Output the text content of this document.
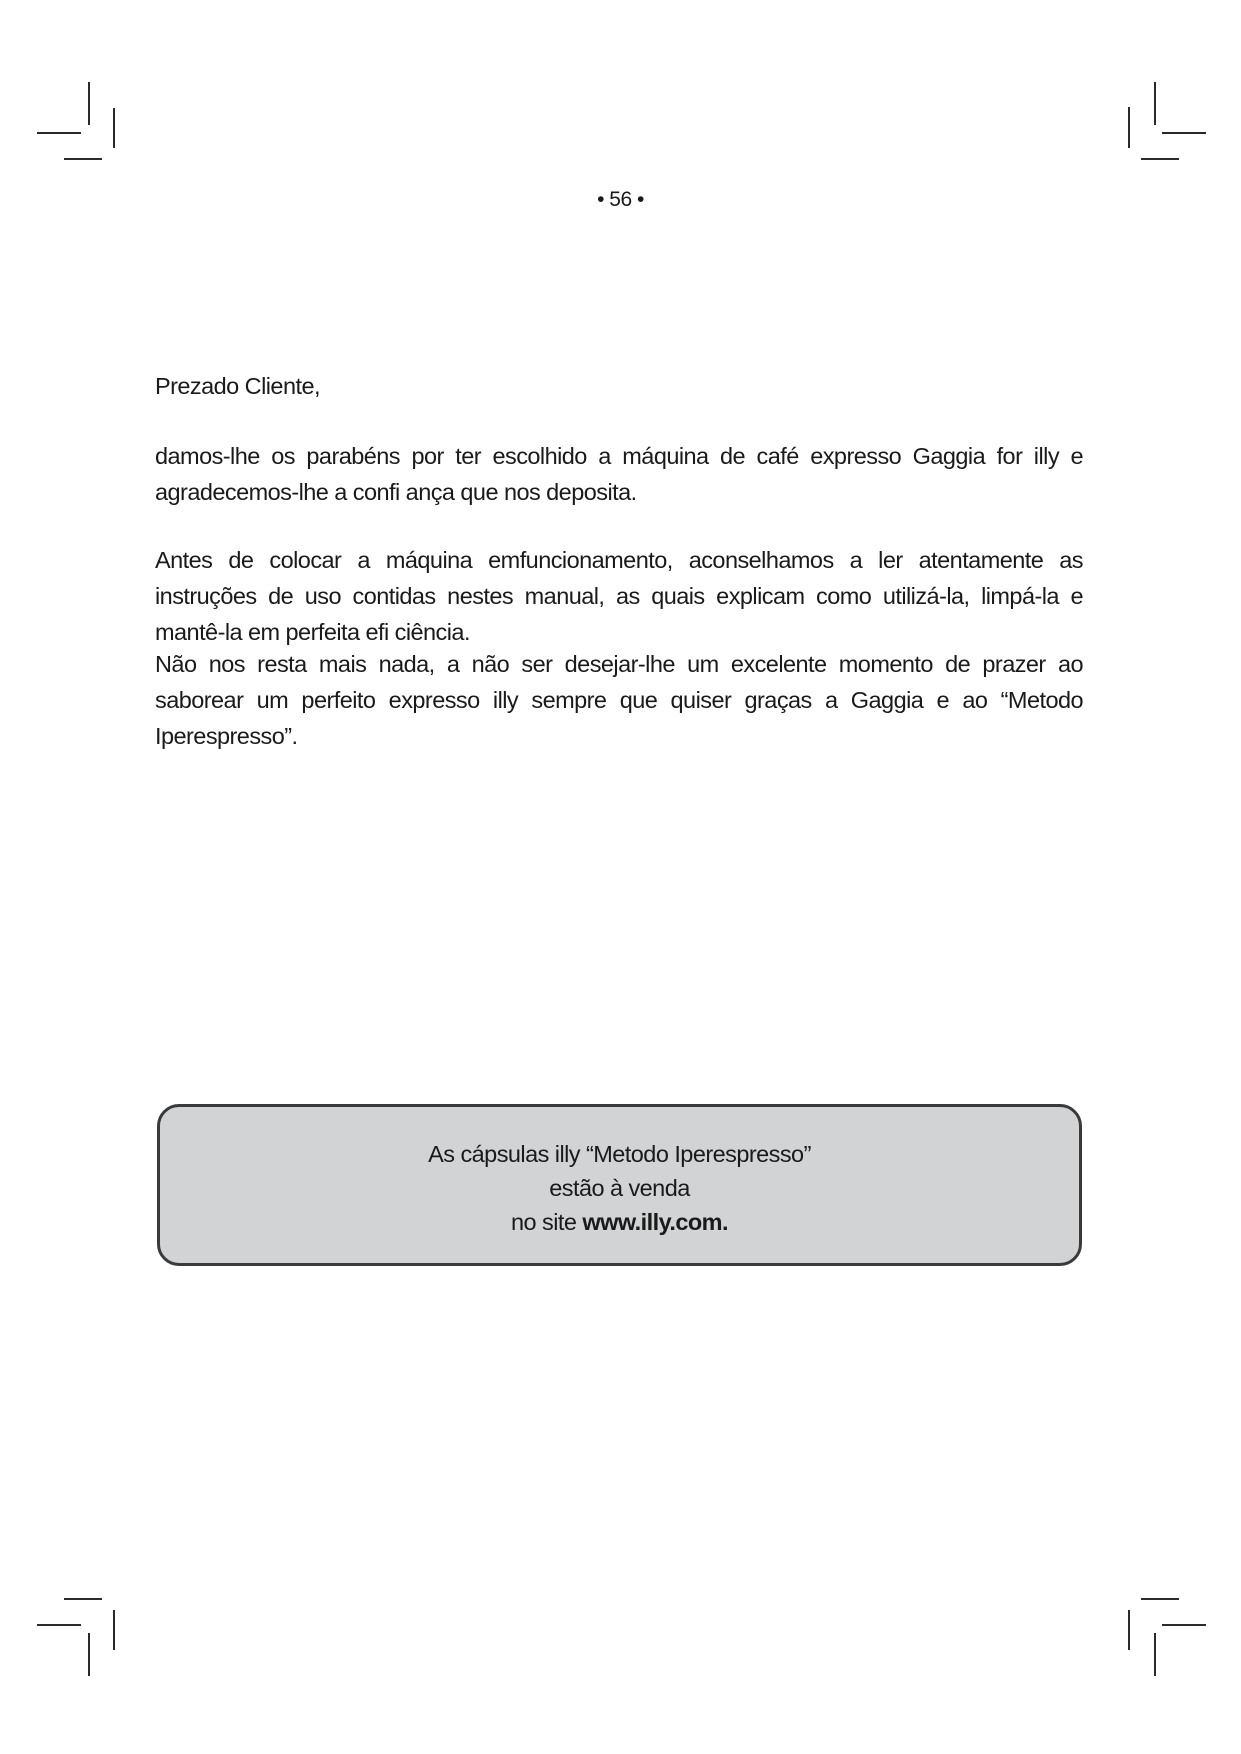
• 56 •

Prezado Cliente,

damos-lhe os parabéns por ter escolhido a máquina de café expresso Gaggia for illy e agradecemos-lhe a confi ança que nos deposita.

Antes de colocar a máquina emfuncionamento, aconselhamos a ler atentamente as instruções de uso contidas nestes manual, as quais explicam como utilizá-la, limpá-la e mantê-la em perfeita efi ciência.

Não nos resta mais nada, a não ser desejar-lhe um excelente momento de prazer ao saborear um perfeito expresso illy sempre que quiser graças a Gaggia e ao “Metodo Iperespresso”.

As cápsulas illy “Metodo Iperespresso”
estão à venda
no site www.illy.com.
